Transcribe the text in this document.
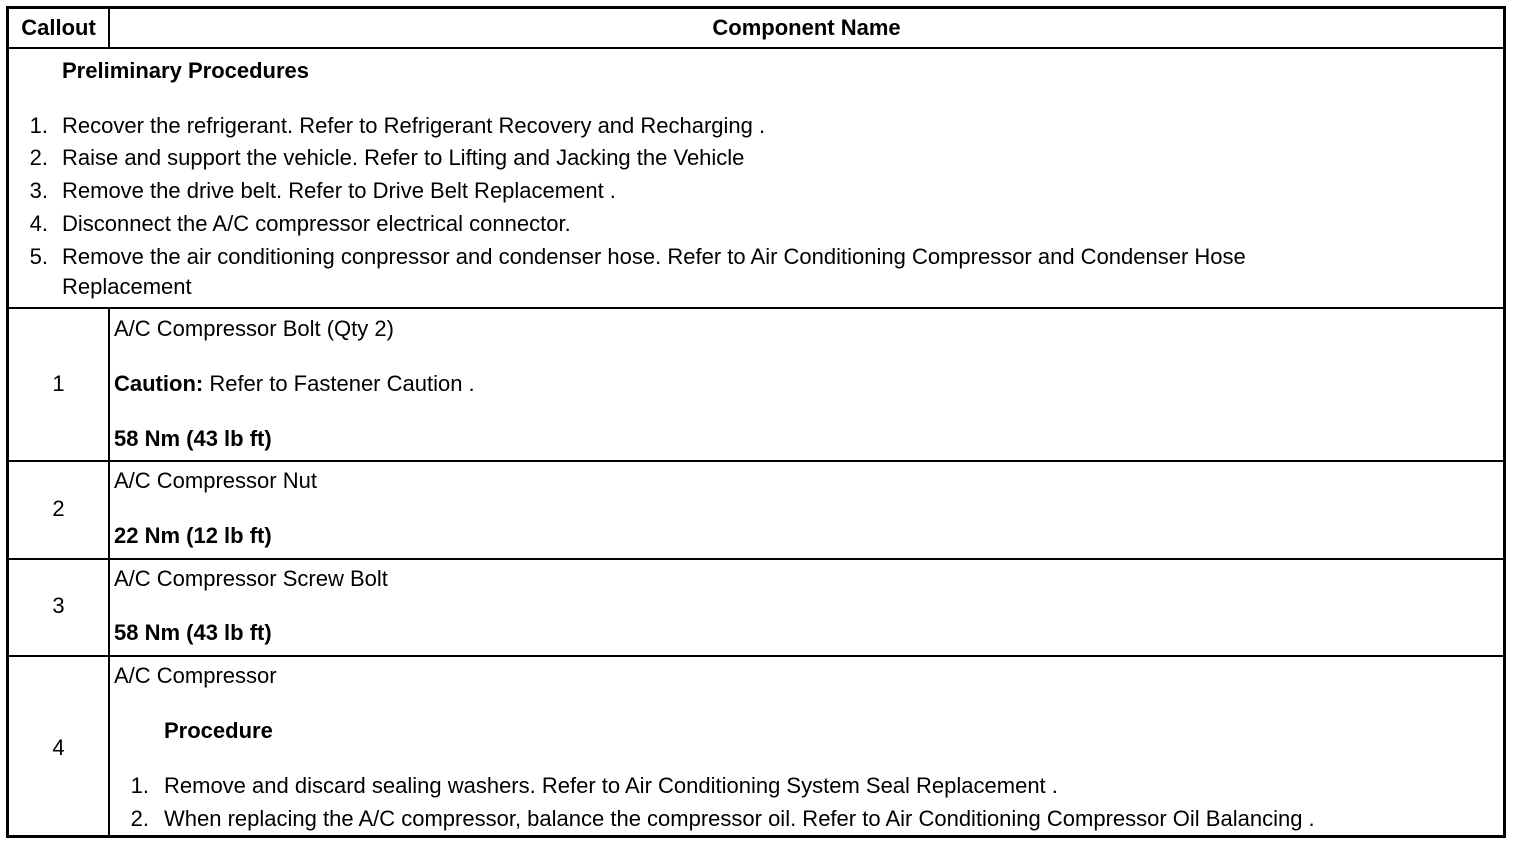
Callout	Component Name
Preliminary Procedures
1. Recover the refrigerant. Refer to Refrigerant Recovery and Recharging .
2. Raise and support the vehicle. Refer to Lifting and Jacking the Vehicle
3. Remove the drive belt. Refer to Drive Belt Replacement .
4. Disconnect the A/C compressor electrical connector.
5. Remove the air conditioning conpressor and condenser hose. Refer to Air Conditioning Compressor and Condenser Hose
Replacement
1
A/C Compressor Bolt (Qty 2)
Caution: Refer to Fastener Caution .
58 Nm (43 lb ft)
2
A/C Compressor Nut
22 Nm (12 lb ft)
3
A/C Compressor Screw Bolt
58 Nm (43 lb ft)
4
A/C Compressor
Procedure
1. Remove and discard sealing washers. Refer to Air Conditioning System Seal Replacement .
2. When replacing the A/C compressor, balance the compressor oil. Refer to Air Conditioning Compressor Oil Balancing .
